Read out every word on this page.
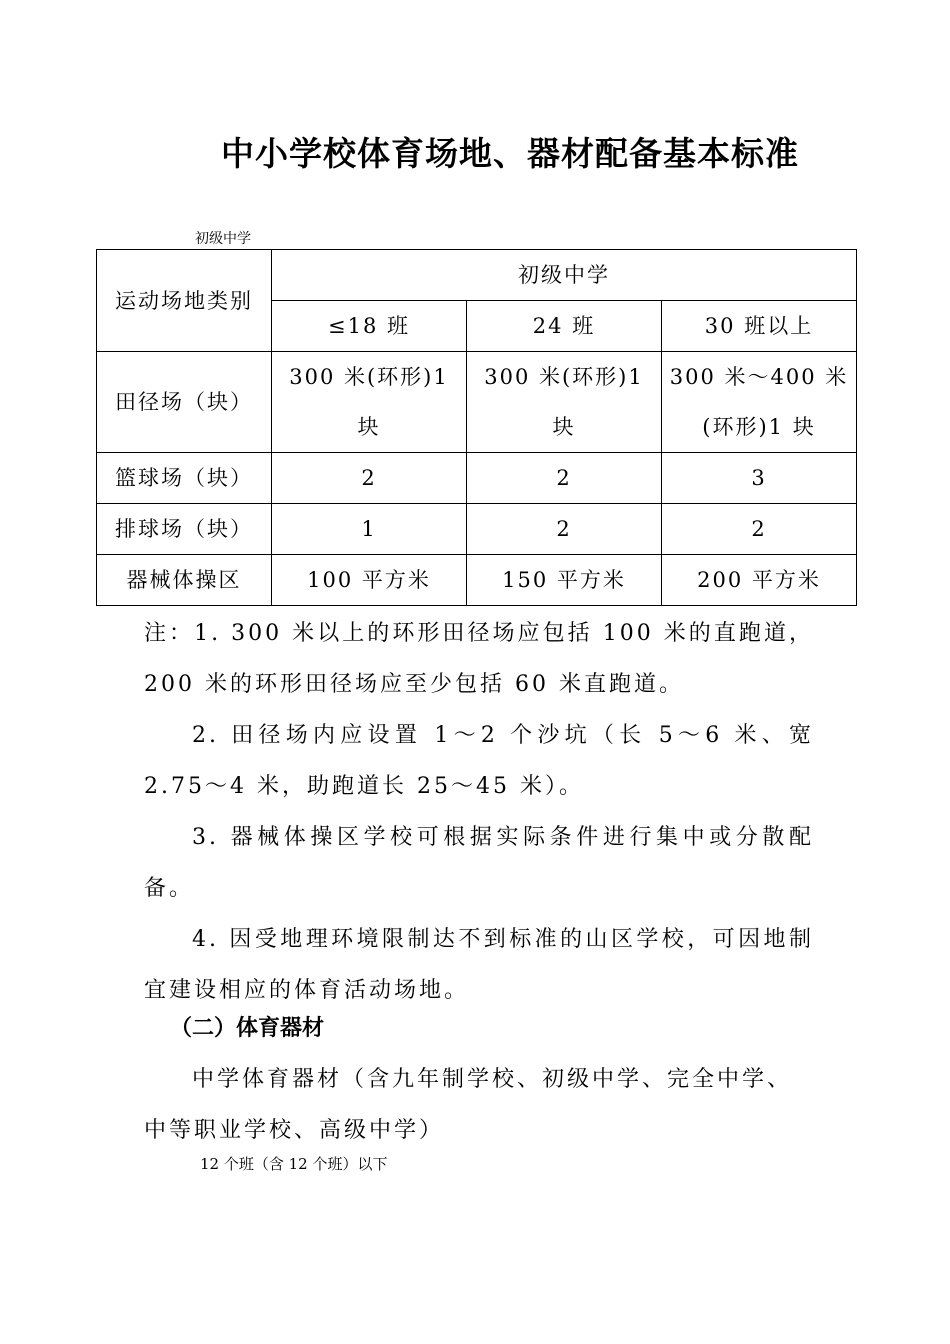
中小学校体育场地、器材配备基本标准
初级中学
运动场地类别	初级中学		
	≤18 班	24 班	30 班以上
田径场（块）	300 米(环形)1 块	300 米(环形)1 块	300 米～400 米(环形)1 块
篮球场（块）	2	2	3
排球场（块）	1	2	2
器械体操区	100 平方米	150 平方米	200 平方米

注：1. 300 米以上的环形田径场应包括 100 米的直跑道，200 米的环形田径场应至少包括 60 米直跑道。

2. 田径场内应设置 1～2 个沙坑（长 5～6 米、宽 2.75～4 米，助跑道长 25～45 米）。

3. 器械体操区学校可根据实际条件进行集中或分散配备。

4. 因受地理环境限制达不到标准的山区学校，可因地制宜建设相应的体育活动场地。

（二）体育器材

中学体育器材（含九年制学校、初级中学、完全中学、中等职业学校、高级中学）

12 个班（含 12 个班）以下
